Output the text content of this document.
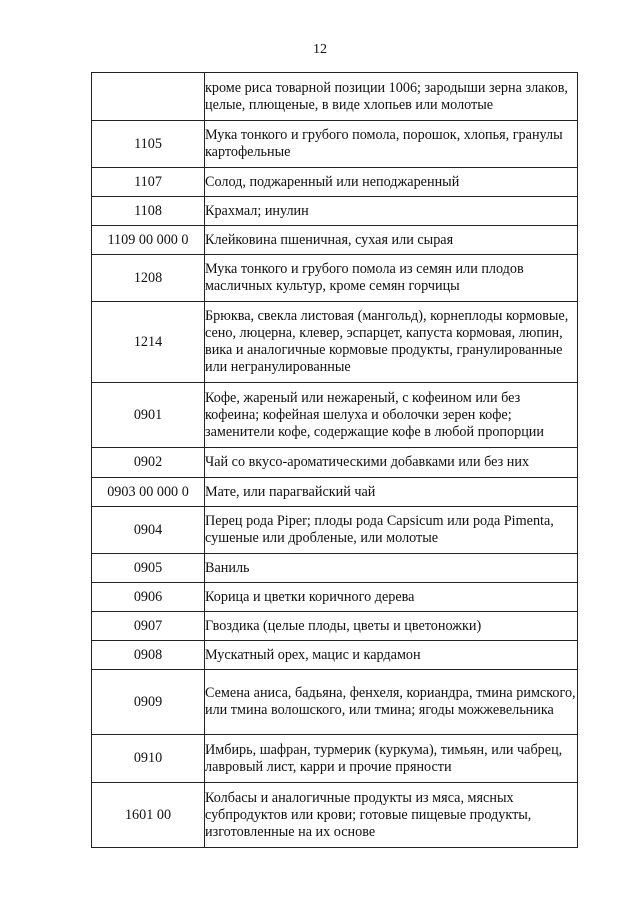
12
	кроме риса товарной позиции 1006; зародыши зерна злаков, целые, плющеные, в виде хлопьев или молотые
1105	Мука тонкого и грубого помола, порошок, хлопья, гранулы картофельные
1107	Солод, поджаренный или неподжаренный
1108	Крахмал; инулин
1109 00 000 0	Клейковина пшеничная, сухая или сырая
1208	Мука тонкого и грубого помола из семян или плодов масличных культур, кроме семян горчицы
1214	Брюква, свекла листовая (мангольд), корнеплоды кормовые, сено, люцерна, клевер, эспарцет, капуста кормовая, люпин, вика и аналогичные кормовые продукты, гранулированные или негранулированные
0901	Кофе, жареный или нежареный, с кофеином или без кофеина; кофейная шелуха и оболочки зерен кофе; заменители кофе, содержащие кофе в любой пропорции
0902	Чай со вкусо-ароматическими добавками или без них
0903 00 000 0	Мате, или парагвайский чай
0904	Перец рода Piper; плоды рода Capsicum или рода Pimenta, сушеные или дробленые, или молотые
0905	Ваниль
0906	Корица и цветки коричного дерева
0907	Гвоздика (целые плоды, цветы и цветоножки)
0908	Мускатный орех, мацис и кардамон
0909	Семена аниса, бадьяна, фенхеля, кориандра, тмина римского, или тмина волошского, или тмина; ягоды можжевельника
0910	Имбирь, шафран, турмерик (куркума), тимьян, или чабрец, лавровый лист, карри и прочие пряности
1601 00	Колбасы и аналогичные продукты из мяса, мясных субпродуктов или крови; готовые пищевые продукты, изготовленные на их основе
